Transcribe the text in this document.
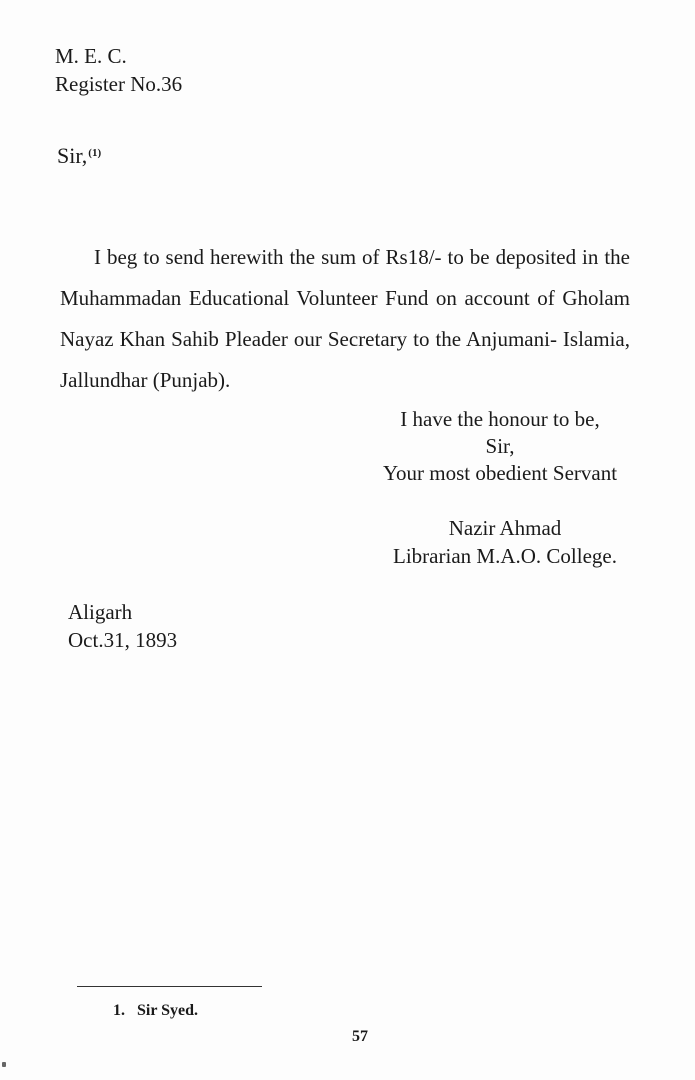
M. E. C.
Register No.36
Sir,$^{(1)}$

I beg to send herewith the sum of Rs18/- to be deposited in the Muhammadan Educational Volunteer Fund on account of Gholam Nayaz Khan Sahib Pleader our Secretary to the Anjumani- Islamia, Jallundhar (Punjab).

I have the honour to be,
Sir,
Your most obedient Servant
Nazir Ahmad
Librarian M.A.O. College.
Aligarh
Oct.31, 1893
1. Sir Syed.
57
